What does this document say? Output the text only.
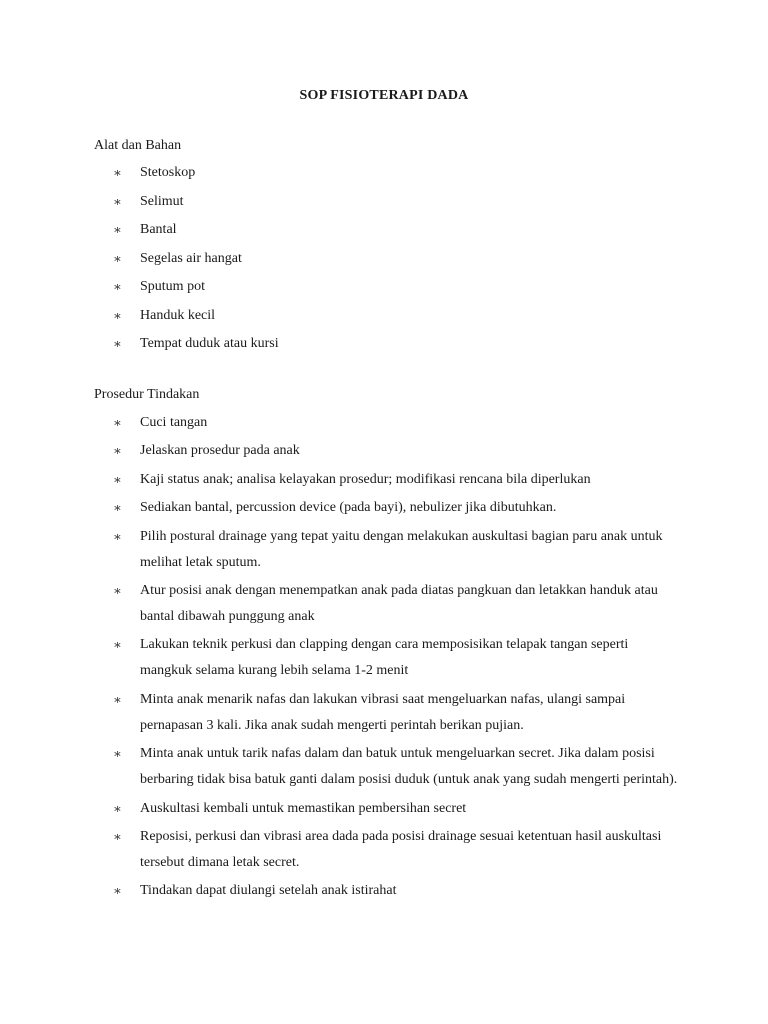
SOP FISIOTERAPI DADA
Alat dan Bahan
∗ Stetoskop
∗ Selimut
∗ Bantal
∗ Segelas air hangat
∗ Sputum pot
∗ Handuk kecil
∗ Tempat duduk atau kursi
Prosedur Tindakan
∗ Cuci tangan
∗ Jelaskan prosedur pada anak
∗ Kaji status anak; analisa kelayakan prosedur; modifikasi rencana bila diperlukan
∗ Sediakan bantal, percussion device (pada bayi), nebulizer jika dibutuhkan.
∗ Pilih postural drainage yang tepat yaitu dengan melakukan auskultasi bagian paru anak untuk melihat letak sputum.
∗ Atur posisi anak dengan menempatkan anak pada diatas pangkuan dan letakkan handuk atau bantal dibawah punggung anak
∗ Lakukan teknik perkusi dan clapping dengan cara memposisikan telapak tangan seperti mangkuk selama kurang lebih selama 1-2 menit
∗ Minta anak menarik nafas dan lakukan vibrasi saat mengeluarkan nafas, ulangi sampai pernapasan 3 kali. Jika anak sudah mengerti perintah berikan pujian.
∗ Minta anak untuk tarik nafas dalam dan batuk untuk mengeluarkan secret. Jika dalam posisi berbaring tidak bisa batuk ganti dalam posisi duduk (untuk anak yang sudah mengerti perintah).
∗ Auskultasi kembali untuk memastikan pembersihan secret
∗ Reposisi, perkusi dan vibrasi area dada pada posisi drainage sesuai ketentuan hasil auskultasi tersebut dimana letak secret.
∗ Tindakan dapat diulangi setelah anak istirahat
